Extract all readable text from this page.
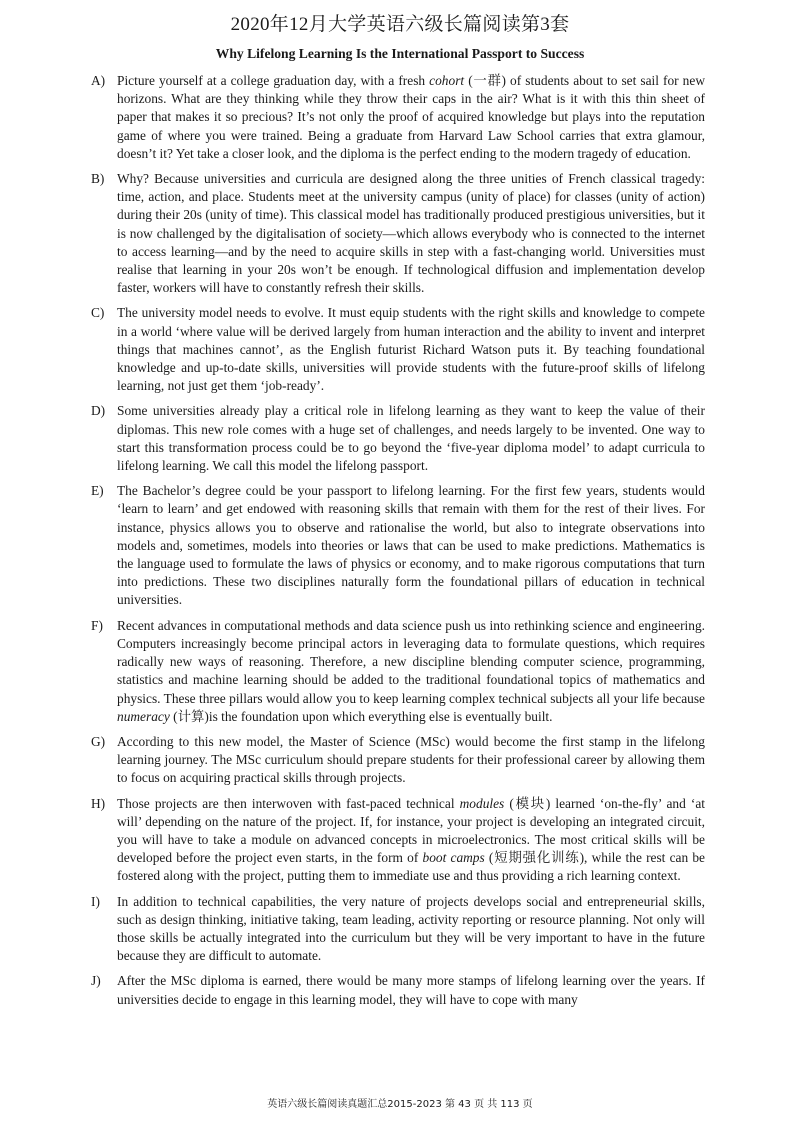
2020年12月大学英语六级长篇阅读第3套
Why Lifelong Learning Is the International Passport to Success
A) Picture yourself at a college graduation day, with a fresh cohort (一群) of students about to set sail for new horizons. What are they thinking while they throw their caps in the air? What is it with this thin sheet of paper that makes it so precious? It’s not only the proof of acquired knowledge but plays into the reputation game of where you were trained. Being a graduate from Harvard Law School carries that extra glamour, doesn’t it? Yet take a closer look, and the diploma is the perfect ending to the modern tragedy of education.
B) Why? Because universities and curricula are designed along the three unities of French classical tragedy: time, action, and place. Students meet at the university campus (unity of place) for classes (unity of action) during their 20s (unity of time). This classical model has traditionally produced prestigious universities, but it is now challenged by the digitalisation of society—which allows everybody who is connected to the internet to access learning—and by the need to acquire skills in step with a fast-changing world. Universities must realise that learning in your 20s won’t be enough. If technological diffusion and implementation develop faster, workers will have to constantly refresh their skills.
C) The university model needs to evolve. It must equip students with the right skills and knowledge to compete in a world ‘where value will be derived largely from human interaction and the ability to invent and interpret things that machines cannot’, as the English futurist Richard Watson puts it. By teaching foundational knowledge and up-to-date skills, universities will provide students with the future-proof skills of lifelong learning, not just get them ‘job-ready’.
D) Some universities already play a critical role in lifelong learning as they want to keep the value of their diplomas. This new role comes with a huge set of challenges, and needs largely to be invented. One way to start this transformation process could be to go beyond the ‘five-year diploma model’ to adapt curricula to lifelong learning. We call this model the lifelong passport.
E) The Bachelor’s degree could be your passport to lifelong learning. For the first few years, students would ‘learn to learn’ and get endowed with reasoning skills that remain with them for the rest of their lives. For instance, physics allows you to observe and rationalise the world, but also to integrate observations into models and, sometimes, models into theories or laws that can be used to make predictions. Mathematics is the language used to formulate the laws of physics or economy, and to make rigorous computations that turn into predictions. These two disciplines naturally form the foundational pillars of education in technical universities.
F) Recent advances in computational methods and data science push us into rethinking science and engineering. Computers increasingly become principal actors in leveraging data to formulate questions, which requires radically new ways of reasoning. Therefore, a new discipline blending computer science, programming, statistics and machine learning should be added to the traditional foundational topics of mathematics and physics. These three pillars would allow you to keep learning complex technical subjects all your life because numeracy (计算)is the foundation upon which everything else is eventually built.
G) According to this new model, the Master of Science (MSc) would become the first stamp in the lifelong learning journey. The MSc curriculum should prepare students for their professional career by allowing them to focus on acquiring practical skills through projects.
H) Those projects are then interwoven with fast-paced technical modules (模块) learned ‘on-the-fly’ and ‘at will’ depending on the nature of the project. If, for instance, your project is developing an integrated circuit, you will have to take a module on advanced concepts in microelectronics. The most critical skills will be developed before the project even starts, in the form of boot camps (短期强化训练), while the rest can be fostered along with the project, putting them to immediate use and thus providing a rich learning context.
I) In addition to technical capabilities, the very nature of projects develops social and entrepreneurial skills, such as design thinking, initiative taking, team leading, activity reporting or resource planning. Not only will those skills be actually integrated into the curriculum but they will be very important to have in the future because they are difficult to automate.
J) After the MSc diploma is earned, there would be many more stamps of lifelong learning over the years. If universities decide to engage in this learning model, they will have to cope with many
英语六级长篇阅读真题汇总2015-2023 第 43 页 共 113 页
